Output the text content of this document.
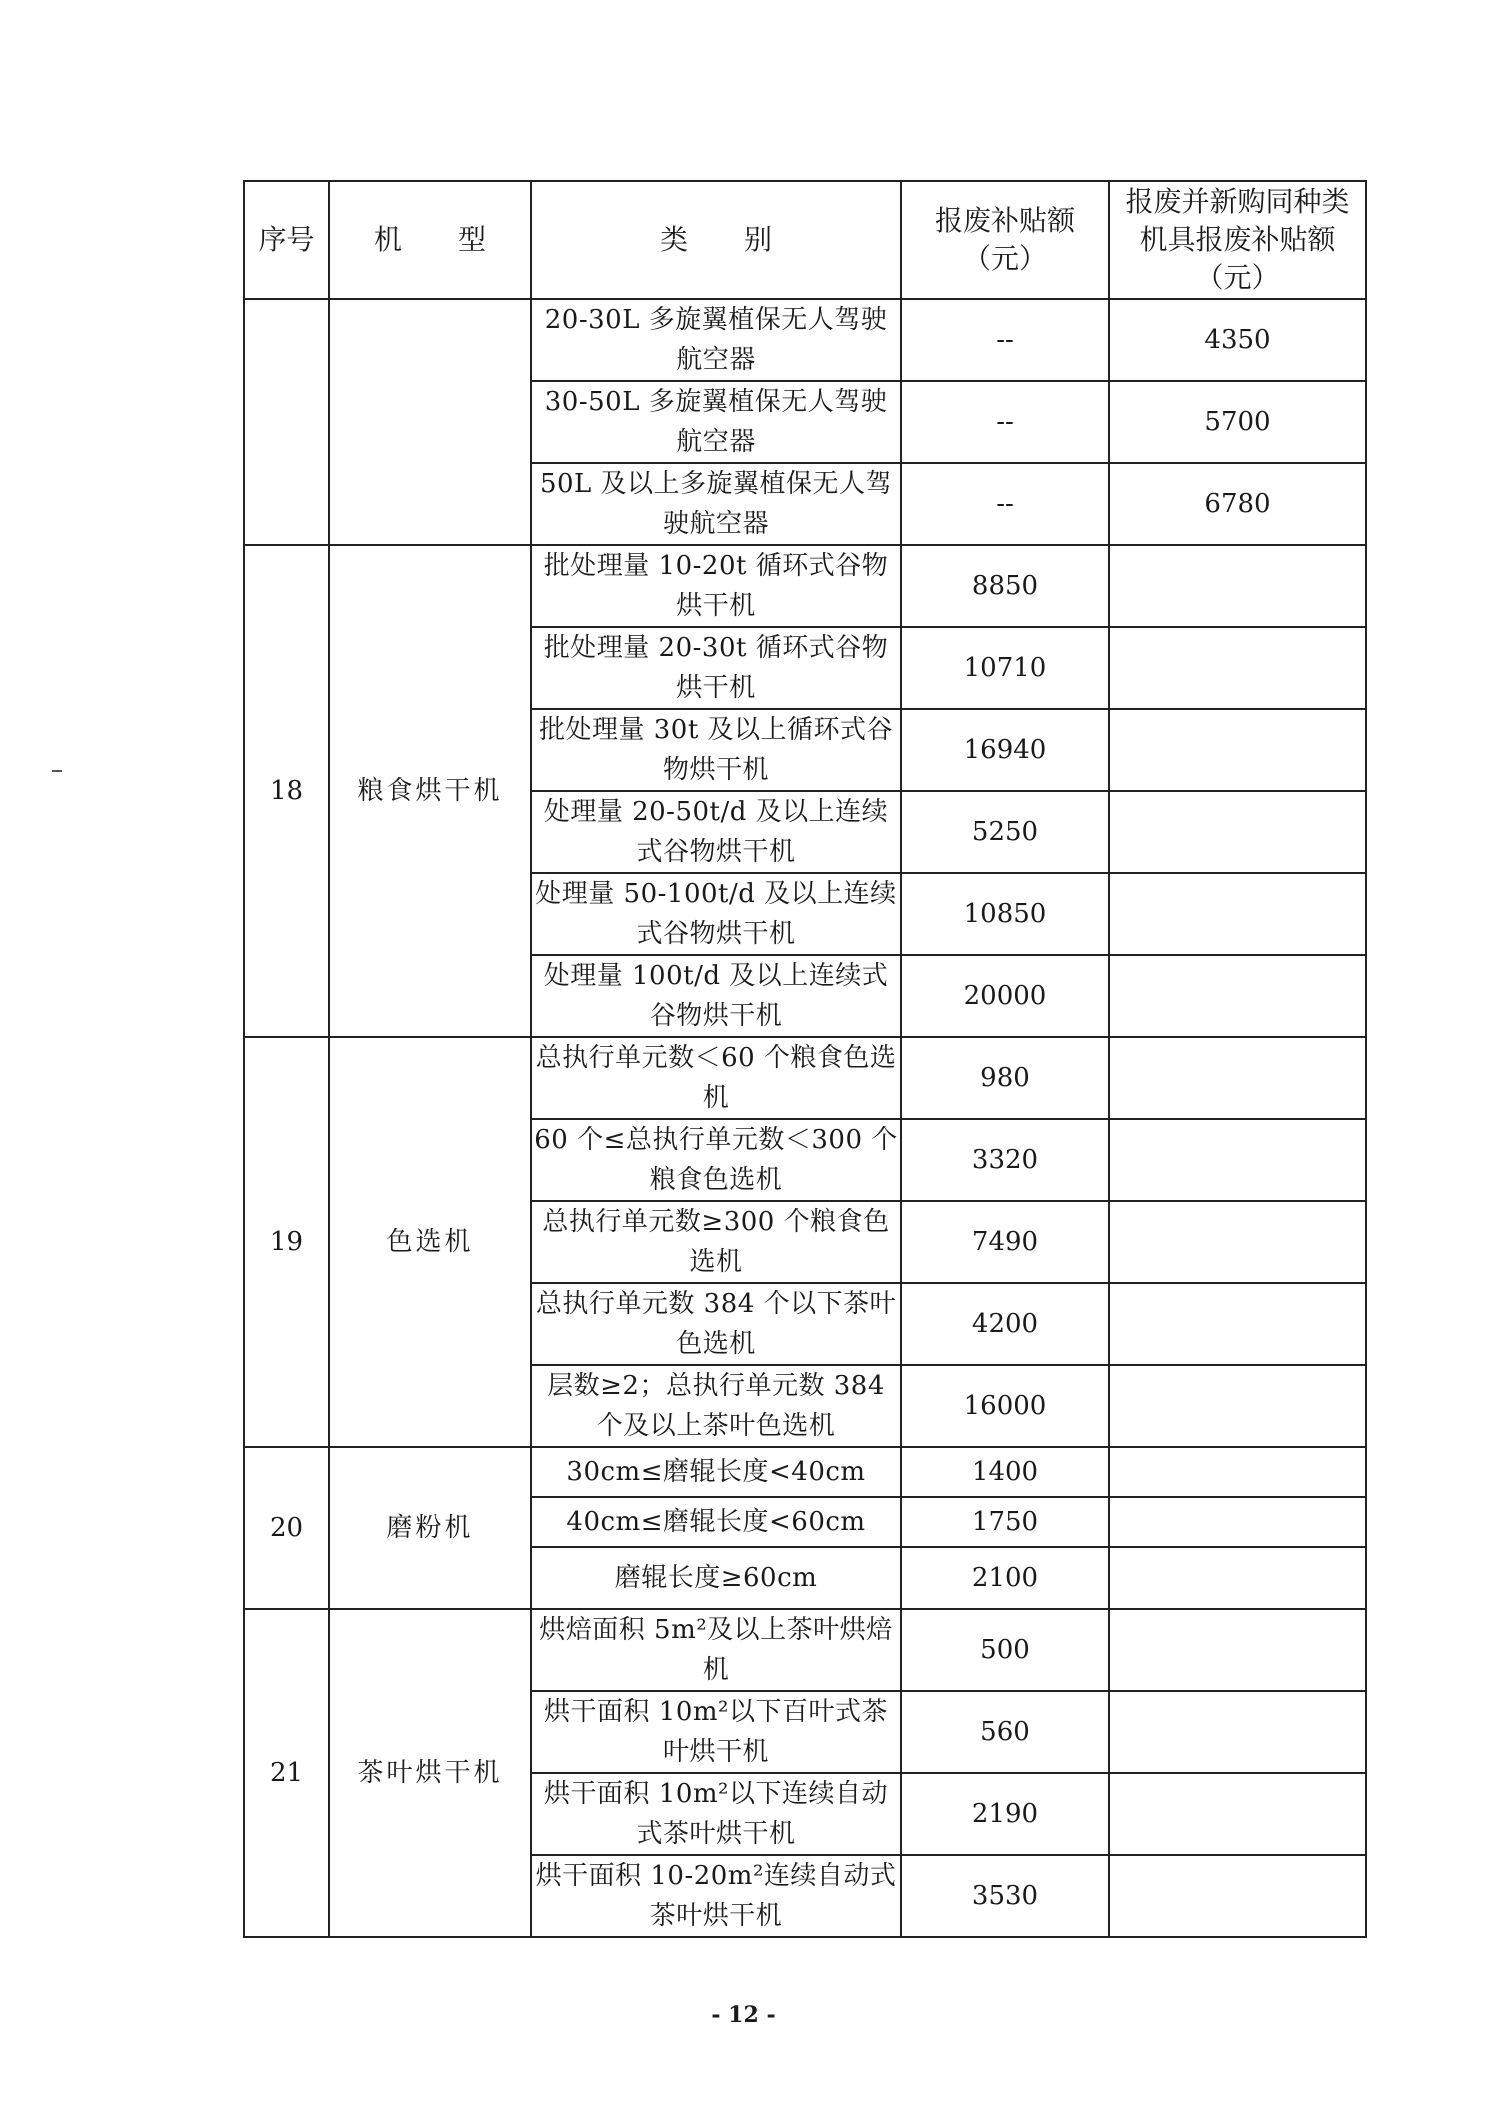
序号	机　　型	类　　别	报废补贴额（元）	报废并新购同种类机具报废补贴额（元）
		20-30L 多旋翼植保无人驾驶航空器	--	4350
		30-50L 多旋翼植保无人驾驶航空器	--	5700
		50L 及以上多旋翼植保无人驾驶航空器	--	6780
18	粮食烘干机	批处理量 10-20t 循环式谷物烘干机	8850	
		批处理量 20-30t 循环式谷物烘干机	10710	
		批处理量 30t 及以上循环式谷物烘干机	16940	
		处理量 20-50t/d 及以上连续式谷物烘干机	5250	
		处理量 50-100t/d 及以上连续式谷物烘干机	10850	
		处理量 100t/d 及以上连续式谷物烘干机	20000	
19	色选机	总执行单元数＜60 个粮食色选机	980	
		60 个≤总执行单元数＜300 个粮食色选机	3320	
		总执行单元数≥300 个粮食色选机	7490	
		总执行单元数 384 个以下茶叶色选机	4200	
		层数≥2；总执行单元数 384 个及以上茶叶色选机	16000	
20	磨粉机	30cm≤磨辊长度<40cm	1400	
		40cm≤磨辊长度<60cm	1750	
		磨辊长度≥60cm	2100	
21	茶叶烘干机	烘焙面积 5m²及以上茶叶烘焙机	500	
		烘干面积 10m²以下百叶式茶叶烘干机	560	
		烘干面积 10m²以下连续自动式茶叶烘干机	2190	
		烘干面积 10-20m²连续自动式茶叶烘干机	3530	
- 12 -
